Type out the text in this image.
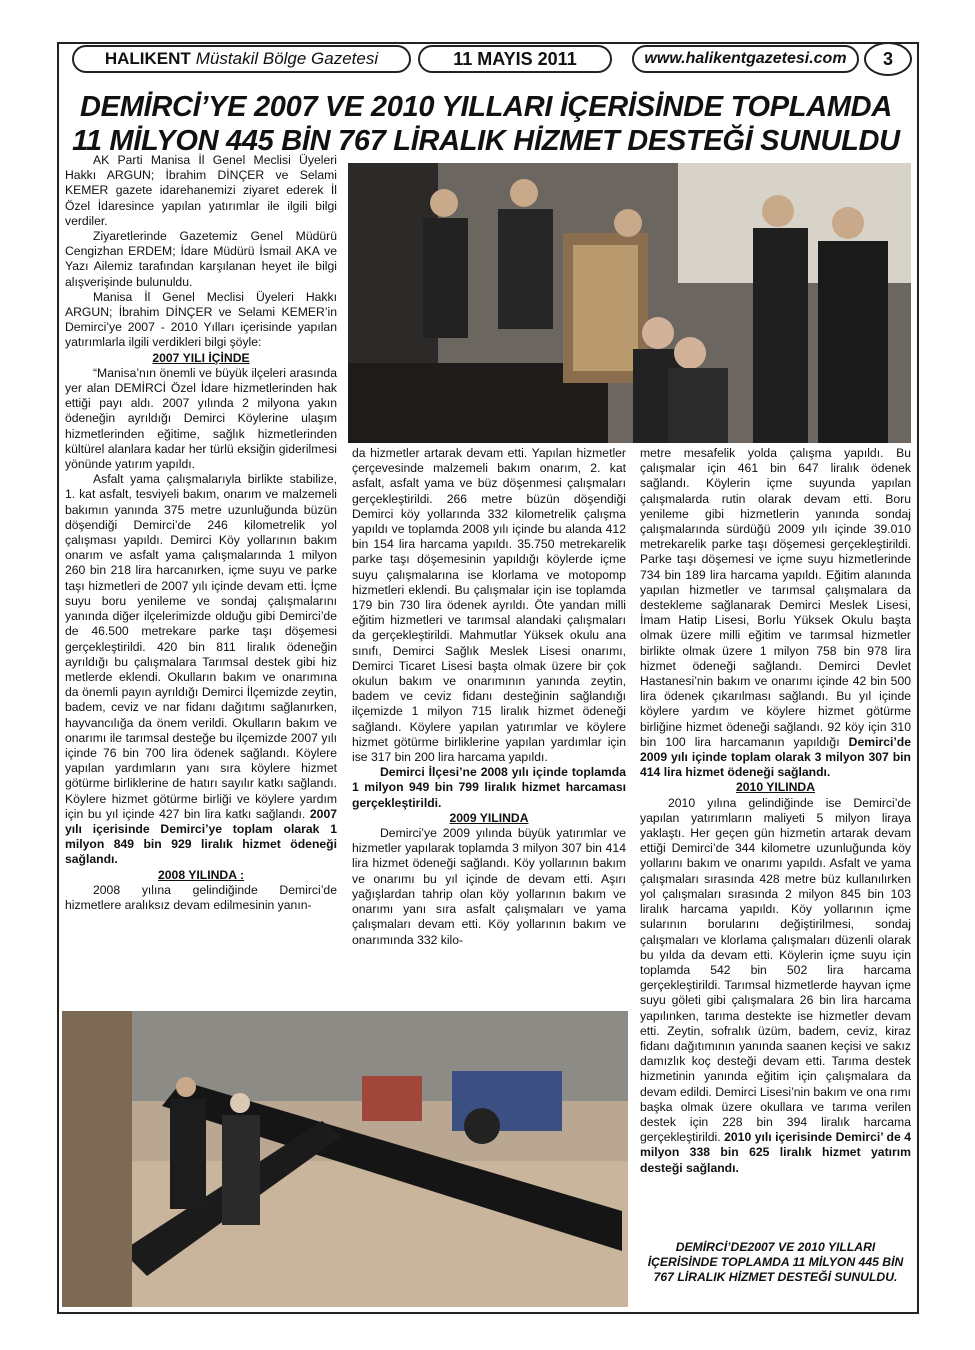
HALIKENT Müstakil Bölge Gazetesi	11 MAYIS 2011	www.halikentgazetesi.com	3
DEMİRCİ’YE 2007 VE 2010 YILLARI İÇERİSİNDE TOPLAMDA
11 MİLYON 445 BİN 767 LİRALIK HİZMET DESTEĞİ SUNULDU

AK Parti Manisa İl Genel Meclisi Üyeleri Hakkı ARGUN; İbrahim DİNÇER ve Selami KEMER gazete idarehanemizi ziyaret ederek İl Özel İdaresince yapılan yatırımlar ile ilgili bilgi verdiler.

Ziyaretlerinde Gazetemiz Genel Müdürü Cengizhan ERDEM; İdare Müdürü İsmail AKA ve Yazı Ailemiz tarafından karşılanan heyet ile bilgi alışverişinde bulunuldu.

Manisa İl Genel Meclisi Üyeleri Hakkı ARGUN; İbrahim DİNÇER ve Selami KEMER’in Demirci’ye 2007 - 2010 Yılları içerisinde yapılan yatırımlarla ilgili verdikleri bilgi şöyle:

2007 YILI İÇİNDE

“Manisa’nın önemli ve büyük ilçeleri arasında yer alan DEMİRCİ Özel İdare hizmetlerinden hak ettiği payı aldı. 2007 yılında 2 milyona yakın ödeneğin ayrıldığı Demirci Köylerine ulaşım hizmetlerinden eğitime, sağlık hizmetlerinden kültürel alanlara kadar her türlü eksiğin giderilmesi yönünde yatırım yapıldı.

Asfalt yama çalışmalarıyla birlikte stabilize, 1. kat asfalt, tesviyeli bakım, onarım ve malzemeli bakımın yanında 375 metre uzunluğunda büzün döşendiği Demirci’de 246 kilometrelik yol çalışması yapıldı. Demirci Köy yollarının bakım onarım ve asfalt yama çalışmalarında 1 milyon 260 bin 218 lira harcanırken, içme suyu ve parke taşı hizmetleri de 2007 yılı içinde devam etti. İçme suyu boru yenileme ve sondaj çalışmalarını yanında diğer ilçelerimizde olduğu gibi Demirci’de de 46.500 metrekare parke taşı döşemesi gerçekleştirildi. 420 bin 811 liralık ödeneğin ayrıldığı bu çalışmalara Tarımsal destek gibi hiz metlerde eklendi. Okulların bakım ve onarımına da önemli payın ayrıldığı Demirci İlçemizde zeytin, badem, ceviz ve nar fidanı dağıtımı sağlanırken, hayvancılığa da önem verildi. Okulların bakım ve onarımı ile tarımsal desteğe bu ilçemizde 2007 yılı içinde 76 bin 700 lira ödenek sağlandı. Köylere yapılan yardımların yanı sıra köylere hizmet götürme birliklerine de hatırı sayılır katkı sağlandı. Köylere hizmet götürme birliği ve köylere yardım için bu yıl içinde 427 bin lira katkı sağlandı. 2007 yılı içerisinde Demirci’ye toplam olarak 1 milyon 849 bin 929 liralık hizmet ödeneği sağlandı.

2008 YILINDA :

2008 yılına gelindiğinde Demirci’de hizmetlere aralıksız devam edilmesinin yanın-

da hizmetler artarak devam etti. Yapılan hizmetler çerçevesinde malzemeli bakım onarım, 2. kat asfalt, asfalt yama ve büz döşenmesi çalışmaları gerçekleştirildi. 266 metre büzün döşendiği Demirci köy yollarında 332 kilometrelik çalışma yapıldı ve toplamda 2008 yılı içinde bu alanda 412 bin 154 lira harcama yapıldı. 35.750 metrekarelik parke taşı döşemesinin yapıldığı köylerde içme suyu çalışmalarına ise klorlama ve motopomp hizmetleri eklendi. Bu çalışmalar için ise toplamda 179 bin 730 lira ödenek ayrıldı. Öte yandan milli eğitim hizmetleri ve tarımsal alandaki çalışmaları da gerçekleştirildi. Mahmutlar Yüksek okulu ana sınıfı, Demirci Sağlık Meslek Lisesi onarımı, Demirci Ticaret Lisesi başta olmak üzere bir çok okulun bakım ve onarımının yanında zeytin, badem ve ceviz fidanı desteğinin sağlandığı ilçemizde 1 milyon 715 liralık hizmet ödeneği sağlandı. Köylere yapılan yatırımlar ve köylere hizmet götürme birliklerine yapılan yardımlar için ise 317 bin 200 lira harcama yapıldı.

Demirci İlçesi’ne 2008 yılı içinde toplamda 1 milyon 949 bin 799 liralık hizmet harcaması gerçekleştirildi.

2009 YILINDA

Demirci’ye 2009 yılında büyük yatırımlar ve hizmetler yapılarak toplamda 3 milyon 307 bin 414 lira hizmet ödeneği sağlandı. Köy yollarının bakım ve onarımı bu yıl içinde de devam etti. Aşırı yağışlardan tahrip olan köy yollarının bakım ve onarımı yanı sıra asfalt çalışmaları ve yama çalışmaları devam etti. Köy yollarının bakım ve onarımında 332 kilo-

metre mesafelik yolda çalışma yapıldı. Bu çalışmalar için 461 bin 647 liralık ödenek sağlandı. Köylerin içme suyunda yapılan çalışmalarda rutin olarak devam etti. Boru yenileme gibi hizmetlerin yanında sondaj çalışmalarında sürdüğü 2009 yılı içinde 39.010 metrekarelik parke taşı döşemesi gerçekleştirildi. Parke taşı döşemesi ve içme suyu hizmetlerinde 734 bin 189 lira harcama yapıldı. Eğitim alanında yapılan hizmetler ve tarımsal çalışmalara da destekleme sağlanarak Demirci Meslek Lisesi, İmam Hatip Lisesi, Borlu Yüksek Okulu başta olmak üzere milli eğitim ve tarımsal hizmetler birlikte olmak üzere 1 milyon 758 bin 978 lira hizmet ödeneği sağlandı. Demirci Devlet Hastanesi’nin bakım ve onarımı içinde 42 bin 500 lira ödenek çıkarılması sağlandı. Bu yıl içinde köylere yardım ve köylere hizmet götürme birliğine hizmet ödeneği sağlandı. 92 köy için 310 bin 100 lira harcamanın yapıldığı Demirci’de 2009 yılı içinde toplam olarak 3 milyon 307 bin 414 lira hizmet ödeneği sağlandı.

2010 YILINDA

2010 yılına gelindiğinde ise Demirci’de yapılan yatırımların maliyeti 5 milyon liraya yaklaştı. Her geçen gün hizmetin artarak devam ettiği Demirci’de 344 kilometre uzunluğunda köy yollarını bakım ve onarımı yapıldı. Asfalt ve yama çalışmaları sırasında 428 metre büz kullanılırken yol çalışmaları sırasında 2 milyon 845 bin 103 liralık harcama yapıldı. Köy yollarının içme sularının borularını değiştirilmesi, sondaj çalışmaları ve klorlama çalışmaları düzenli olarak bu yılda da devam etti. Köylerin içme suyu için toplamda 542 bin 502 lira harcama gerçekleştirildi. Tarımsal hizmetlerde hayvan içme suyu göleti gibi çalışmalara 26 bin lira harcama yapılınken, tarıma destekte ise hizmetler devam etti. Zeytin, sofralık üzüm, badem, ceviz, kiraz fidanı dağıtımının yanında saanen keçisi ve sakız damızlık koç desteği devam etti. Tarıma destek hizmetinin yanında eğitim için çalışmalara da devam edildi. Demirci Lisesi’nin bakım ve ona rımı başka olmak üzere okullara ve tarıma verilen destek için 228 bin 394 liralık harcama gerçekleştirildi. 2010 yılı içerisinde Demirci’ de 4 milyon 338 bin 625 liralık hizmet yatırım desteği sağlandı.

DEMİRCİ’DE2007 VE 2010 YILLARI İÇERİSİNDE TOPLAMDA 11 MİLYON 445 BİN 767 LİRALIK HİZMET DESTEĞİ SUNULDU.
